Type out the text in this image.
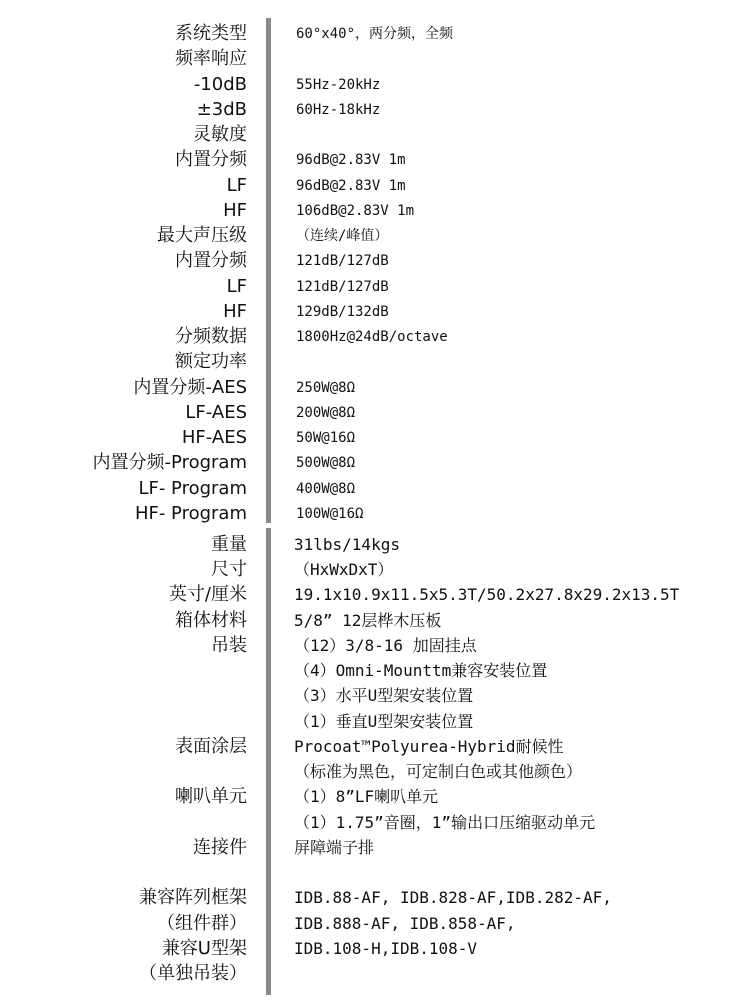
系统类型	60°x40°，两分频，全频
频率响应
-10dB	55Hz-20kHz
±3dB	60Hz-18kHz
灵敏度
内置分频	96dB@2.83V 1m
LF	96dB@2.83V 1m
HF	106dB@2.83V 1m
最大声压级	（连续/峰值）
内置分频	121dB/127dB
LF	121dB/127dB
HF	129dB/132dB
分频数据	1800Hz@24dB/octave
额定功率
内置分频-AES	250W@8Ω
LF-AES	200W@8Ω
HF-AES	50W@16Ω
内置分频-Program	500W@8Ω
LF- Program	400W@8Ω
HF- Program	100W@16Ω
重量	31lbs/14kgs
尺寸	（HxWxDxT）
英寸/厘米	19.1x10.9x11.5x5.3T/50.2x27.8x29.2x13.5T
箱体材料	5/8” 12层桦木压板
吊装	（12）3/8-16 加固挂点
（4）Omni-Mounttm兼容安装位置
（3）水平U型架安装位置
（1）垂直U型架安装位置
表面涂层	Procoat™Polyurea-Hybrid耐候性
（标准为黑色，可定制白色或其他颜色）
喇叭单元	（1）8”LF喇叭单元
（1）1.75”音圈，1”输出口压缩驱动单元
连接件	屏障端子排
兼容阵列框架	IDB.88-AF, IDB.828-AF,IDB.282-AF,
（组件群）	IDB.888-AF, IDB.858-AF,
兼容U型架	IDB.108-H,IDB.108-V
（单独吊装）
